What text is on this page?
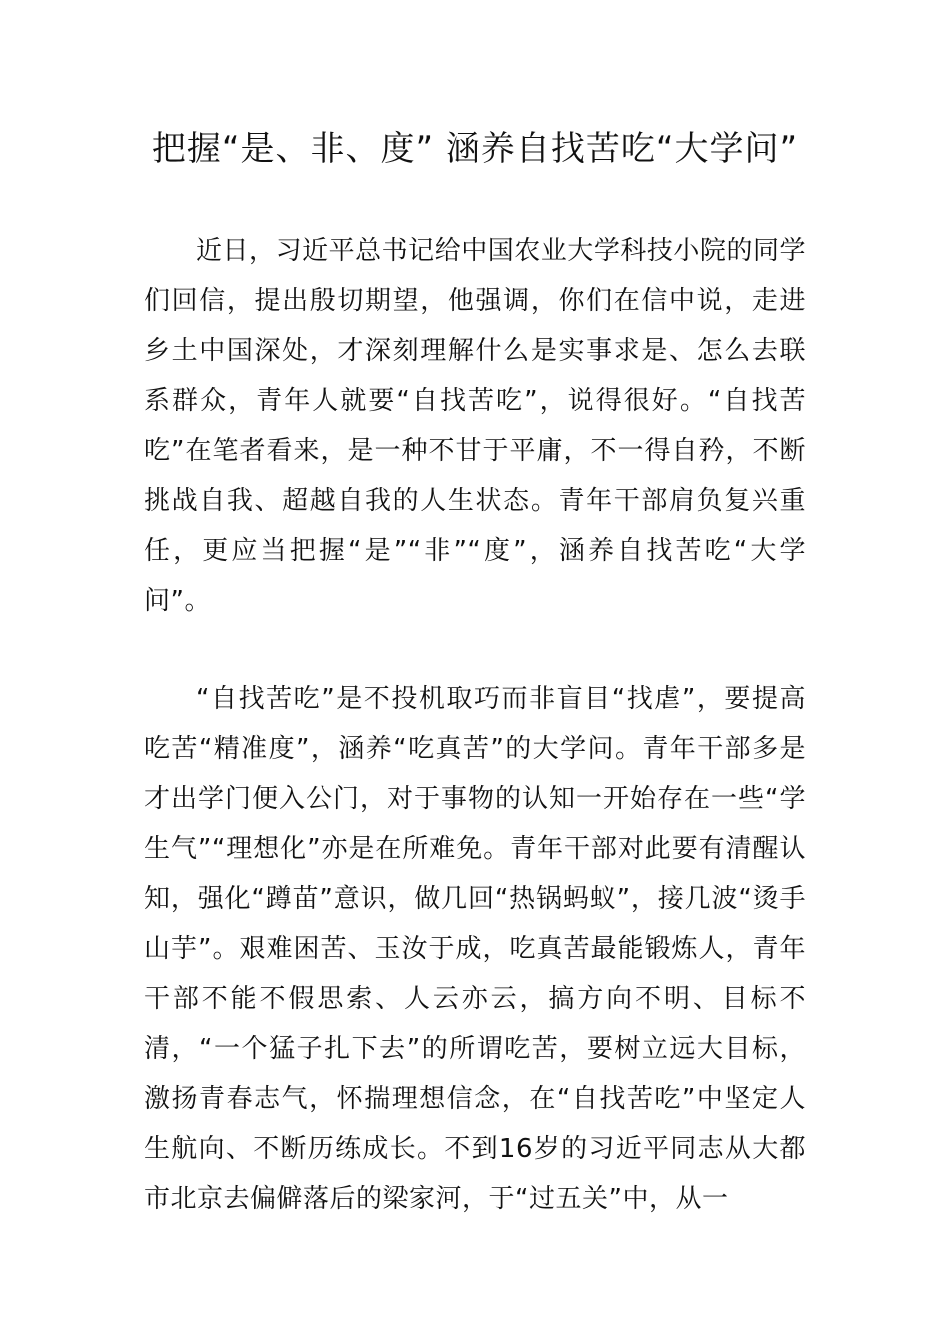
把握“是、非、度” 涵养自找苦吃“大学问”

近日，习近平总书记给中国农业大学科技小院的同学们回信，提出殷切期望，他强调，你们在信中说，走进乡土中国深处，才深刻理解什么是实事求是、怎么去联系群众，青年人就要“自找苦吃”，说得很好。“自找苦吃”在笔者看来，是一种不甘于平庸，不一得自矜，不断挑战自我、超越自我的人生状态。青年干部肩负复兴重任，更应当把握“是”“非”“度”，涵养自找苦吃“大学问”。

“自找苦吃”是不投机取巧而非盲目“找虐”，要提高吃苦“精准度”，涵养“吃真苦”的大学问。青年干部多是才出学门便入公门，对于事物的认知一开始存在一些“学生气”“理想化”亦是在所难免。青年干部对此要有清醒认知，强化“蹲苗”意识，做几回“热锅蚂蚁”，接几波“烫手山芋”。艰难困苦、玉汝于成，吃真苦最能锻炼人，青年干部不能不假思索、人云亦云，搞方向不明、目标不清，“一个猛子扎下去”的所谓吃苦，要树立远大目标，激扬青春志气，怀揣理想信念，在“自找苦吃”中坚定人生航向、不断历练成长。不到16岁的习近平同志从大都市北京去偏僻落后的梁家河，于“过五关”中，从一
